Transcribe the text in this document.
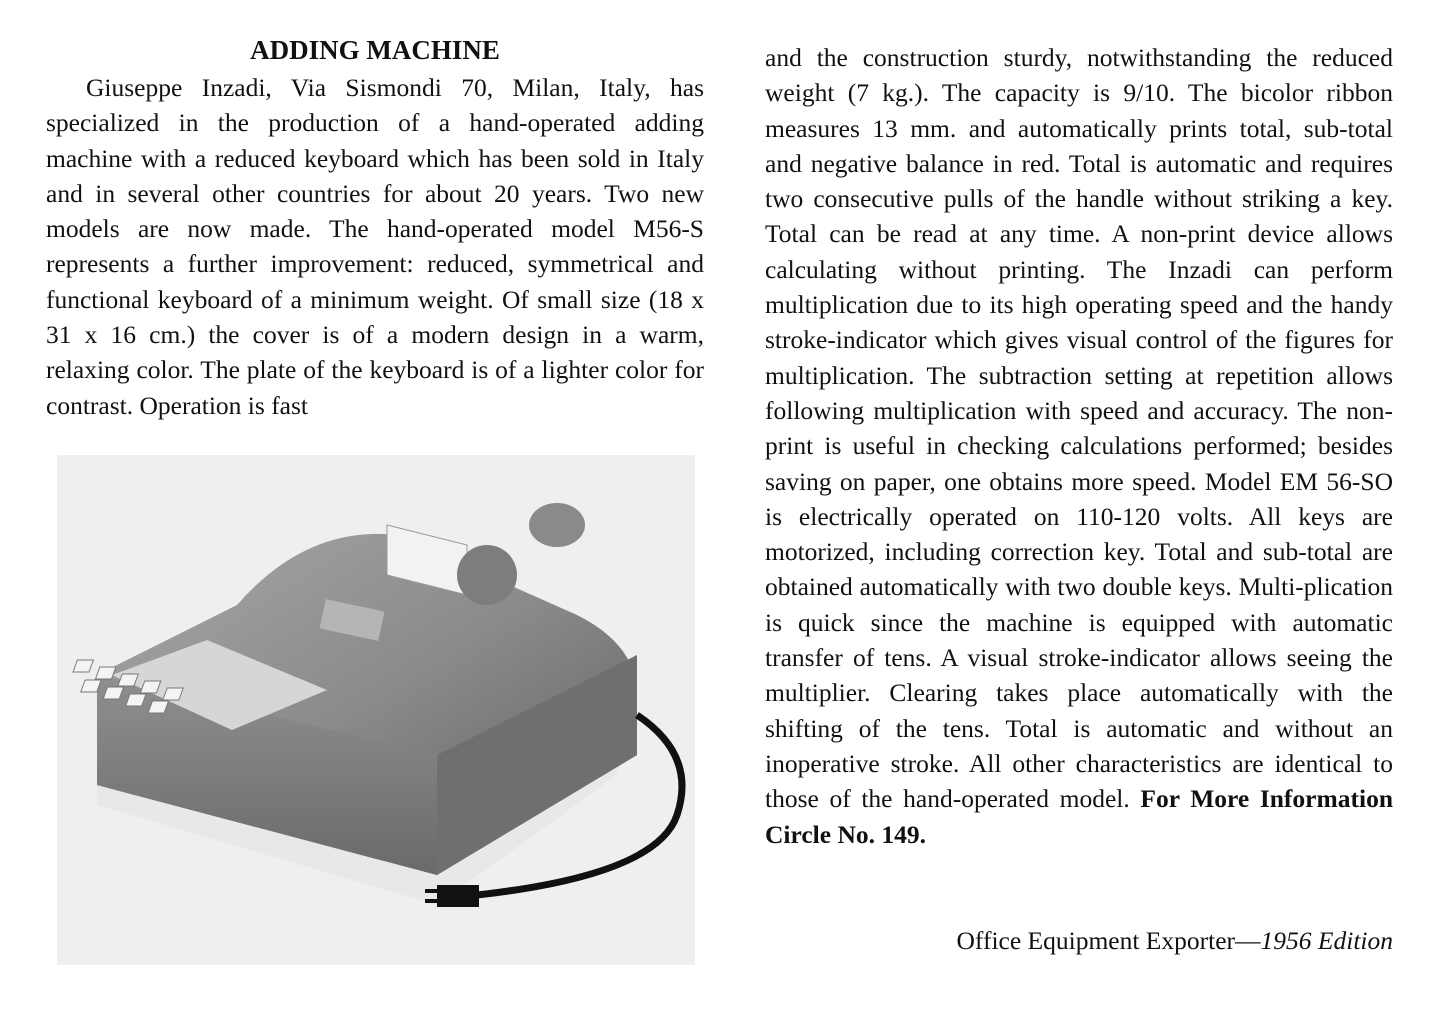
ADDING MACHINE

Giuseppe Inzadi, Via Sismondi 70, Milan, Italy, has specialized in the production of a hand-operated adding machine with a reduced keyboard which has been sold in Italy and in several other countries for about 20 years. Two new models are now made. The hand-operated model M56-S represents a further improvement: reduced, symmetrical and functional keyboard of a minimum weight. Of small size (18 x 31 x 16 cm.) the cover is of a modern design in a warm, relaxing color. The plate of the keyboard is of a lighter color for contrast. Operation is fast

and the construction sturdy, notwithstanding the reduced weight (7 kg.). The capacity is 9/10. The bicolor ribbon measures 13 mm. and automatically prints total, sub-total and negative balance in red. Total is automatic and requires two consecutive pulls of the handle without striking a key. Total can be read at any time. A non-print device allows calculating without printing. The Inzadi can perform multiplication due to its high operating speed and the handy stroke-indicator which gives visual control of the figures for multiplication. The subtraction setting at repetition allows following multiplication with speed and accuracy. The non-print is useful in checking calculations performed; besides saving on paper, one obtains more speed. Model EM 56-SO is electrically operated on 110-120 volts. All keys are motorized, including correction key. Total and sub-total are obtained automatically with two double keys. Multi-plication is quick since the machine is equipped with automatic transfer of tens. A visual stroke-indicator allows seeing the multiplier. Clearing takes place automatically with the shifting of the tens. Total is automatic and without an inoperative stroke. All other characteristics are identical to those of the hand-operated model. For More Information Circle No. 149.

Office Equipment Exporter—1956 Edition
